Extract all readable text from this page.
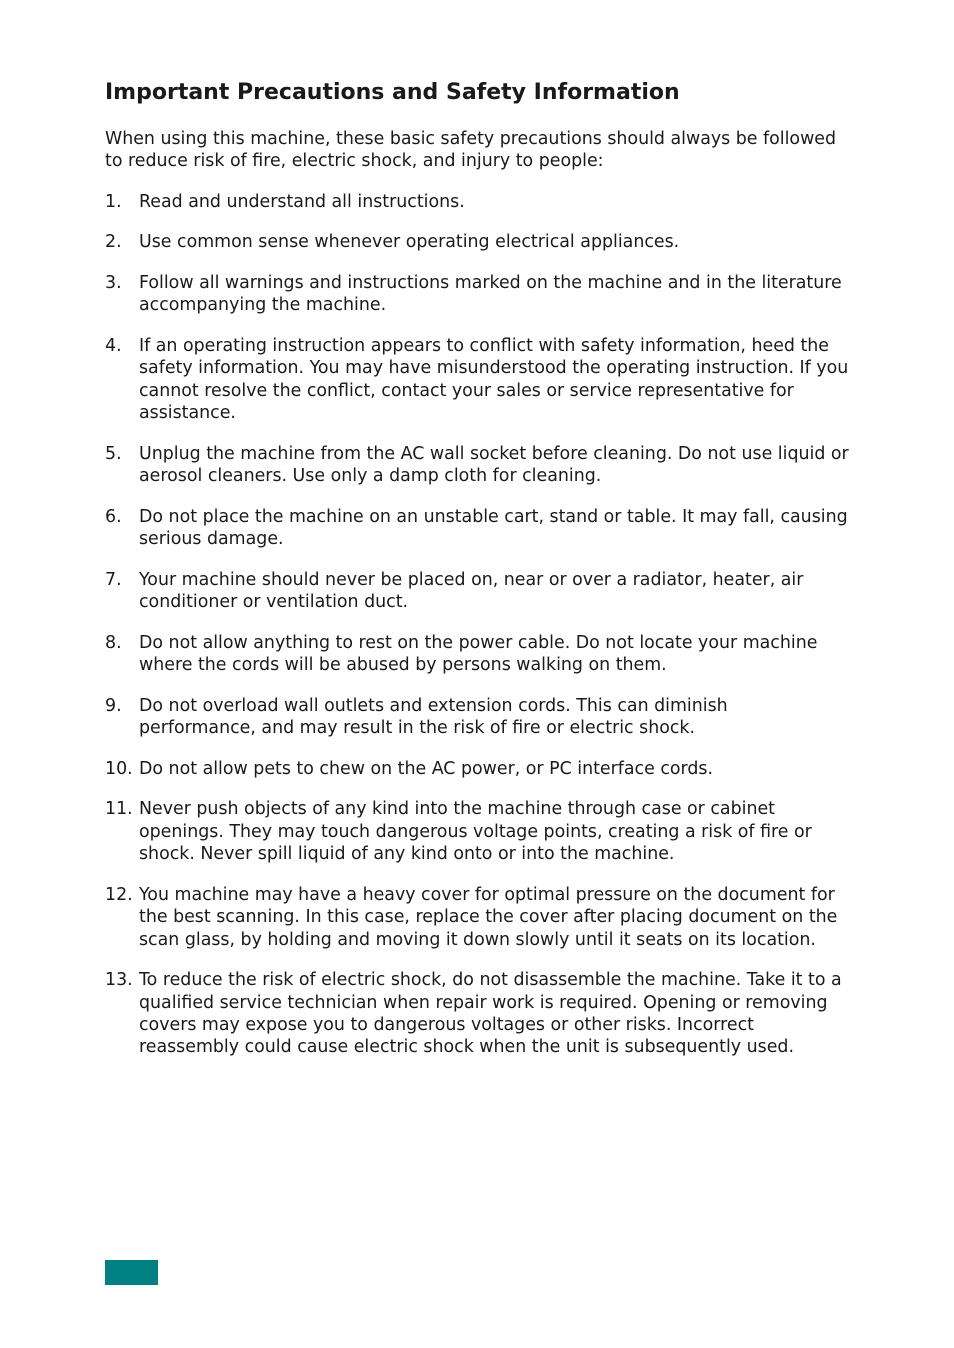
Important Precautions and Safety Information

When using this machine, these basic safety precautions should always be followed to reduce risk of fire, electric shock, and injury to people:

1.	Read and understand all instructions.
2.	Use common sense whenever operating electrical appliances.
3.	Follow all warnings and instructions marked on the machine and in the literature accompanying the machine.
4.	If an operating instruction appears to conflict with safety information, heed the safety information. You may have misunderstood the operating instruction. If you cannot resolve the conflict, contact your sales or service representative for assistance.
5.	Unplug the machine from the AC wall socket before cleaning. Do not use liquid or aerosol cleaners. Use only a damp cloth for cleaning.
6.	Do not place the machine on an unstable cart, stand or table. It may fall, causing serious damage.
7.	Your machine should never be placed on, near or over a radiator, heater, air conditioner or ventilation duct.
8.	Do not allow anything to rest on the power cable. Do not locate your machine where the cords will be abused by persons walking on them.
9.	Do not overload wall outlets and extension cords. This can diminish performance, and may result in the risk of fire or electric shock.
10. Do not allow pets to chew on the AC power, or PC interface cords.
11. Never push objects of any kind into the machine through case or cabinet openings. They may touch dangerous voltage points, creating a risk of fire or shock. Never spill liquid of any kind onto or into the machine.
12. You machine may have a heavy cover for optimal pressure on the document for the best scanning. In this case, replace the cover after placing document on the scan glass, by holding and moving it down slowly until it seats on its location.
13. To reduce the risk of electric shock, do not disassemble the machine. Take it to a qualified service technician when repair work is required. Opening or removing covers may expose you to dangerous voltages or other risks. Incorrect reassembly could cause electric shock when the unit is subsequently used.
